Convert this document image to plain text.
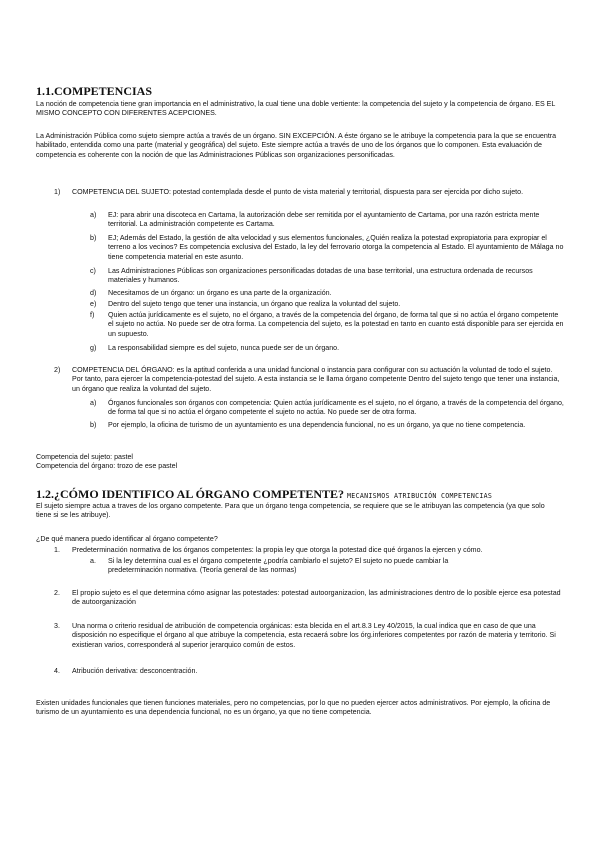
1.1.COMPETENCIAS

La noción de competencia tiene gran importancia en el administrativo, la cual tiene una doble vertiente: la competencia del sujeto y la competencia de órgano. ES EL MISMO CONCEPTO CON DIFERENTES ACEPCIONES.

La Administración Pública como sujeto siempre actúa a través de un órgano. SIN EXCEPCIÓN. A éste órgano se le atribuye la competencia para la que se encuentra habilitado, entendida como una parte (material y geográfica) del sujeto. Este siempre actúa a través de uno de los órganos que lo componen. Esta evaluación de competencia es coherente con la noción de que las Administraciones Públicas son organizaciones personificadas.

1)	COMPETENCIA DEL SUJETO: potestad contemplada desde el punto de vista material y territorial, dispuesta para ser ejercida por dicho sujeto.
a)	EJ: para abrir una discoteca en Cartama, la autorización debe ser remitida por el ayuntamiento de Cartama, por una razón estricta mente territorial. La administración competente es Cartama.
b)	EJ; Además del Estado, la gestión de alta velocidad y sus elementos funcionales, ¿Quién realiza la potestad expropiatoria para expropiar el terreno a los vecinos? Es competencia exclusiva del Estado, la ley del ferrovario otorga la competencia al Estado. El ayuntamiento de Málaga no tiene competencia material en este asunto.
c)	Las Administraciones Públicas son organizaciones personificadas dotadas de una base territorial, una estructura ordenada de recursos materiales y humanos.
d)	Necesitamos de un órgano: un órgano es una parte de la organización.
e)	Dentro del sujeto tengo que tener una instancia, un órgano que realiza la voluntad del sujeto.
f)	Quien actúa jurídicamente es el sujeto, no el órgano, a través de la competencia del órgano, de forma tal que si no actúa el órgano competente el sujeto no actúa. No puede ser de otra forma. La competencia del sujeto, es la potestad en tanto en cuanto está disponible para ser ejercida en un supuesto.
g)	La responsabilidad siempre es del sujeto, nunca puede ser de un órgano.
2)	COMPETENCIA DEL ÓRGANO: es la aptitud conferida a una unidad funcional o instancia para configurar con su actuación la voluntad de todo el sujeto. Por tanto, para ejercer la competencia-potestad del sujeto. A esta instancia se le llama órgano competente Dentro del sujeto tengo que tener una instancia, un órgano que realiza la voluntad del sujeto.
a)	Órganos funcionales son órganos con competencia: Quien actúa jurídicamente es el sujeto, no el órgano, a través de la competencia del órgano, de forma tal que si no actúa el órgano competente el sujeto no actúa. No puede ser de otra forma.
b)	Por ejemplo, la oficina de turismo de un ayuntamiento es una dependencia funcional, no es un órgano, ya que no tiene competencia.

Competencia del sujeto: pastel

Competencia del órgano: trozo de ese pastel

1.2.¿CÓMO IDENTIFICO AL ÓRGANO COMPETENTE? MECANISMOS ATRIBUCIÓN COMPETENCIAS

El sujeto siempre actua a traves de los organo competente. Para que un órgano tenga competencia, se requiere que se le atribuyan las competencia (ya que solo tiene si se les atribuye).

¿De qué manera puedo identificar al órgano competente?

1.	Predeterminación normativa de los órganos competentes: la propia ley que otorga la potestad dice qué órganos la ejercen y cómo.
a.	Si la ley determina cual es el órgano competente ¿podría cambiarlo el sujeto? El sujeto no puede cambiar la predeterminación normativa. (Teoría general de las normas)
2.	El propio sujeto es el que determina cómo asignar las potestades: potestad autoorganizacion, las administraciones dentro de lo posible ejerce esa potestad de autoorganización
3.	Una norma o criterio residual de atribución de competencia orgánicas: esta blecida en el art.8.3 Ley 40/2015, la cual indica que en caso de que una disposición no especifique el órgano al que atribuye la competencia, esta recaerá sobre los órg.inferiores competentes por razón de materia y territorio. Si existieran varios, corresponderá al superior jerarquico común de estos.
4.	Atribución derivativa: desconcentración.

Existen unidades funcionales que tienen funciones materiales, pero no competencias, por lo que no pueden ejercer actos administrativos. Por ejemplo, la oficina de turismo de un ayuntamiento es una dependencia funcional, no es un órgano, ya que no tiene competencia.
